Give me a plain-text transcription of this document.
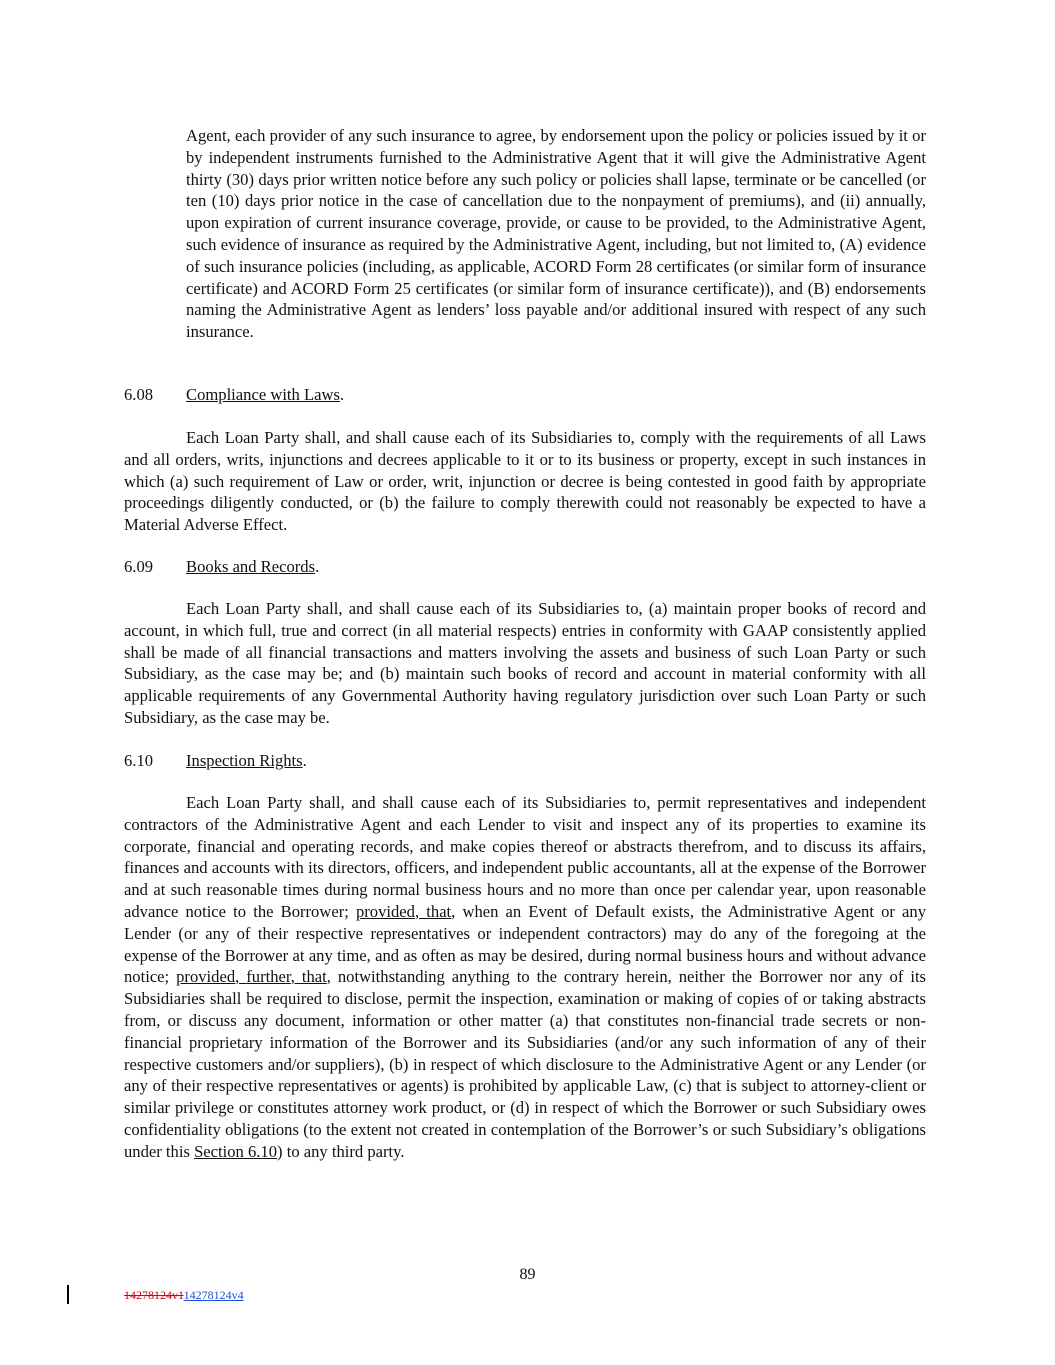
Agent, each provider of any such insurance to agree, by endorsement upon the policy or policies issued by it or by independent instruments furnished to the Administrative Agent that it will give the Administrative Agent thirty (30) days prior written notice before any such policy or policies shall lapse, terminate or be cancelled (or ten (10) days prior notice in the case of cancellation due to the nonpayment of premiums), and (ii) annually, upon expiration of current insurance coverage, provide, or cause to be provided, to the Administrative Agent, such evidence of insurance as required by the Administrative Agent, including, but not limited to, (A) evidence of such insurance policies (including, as applicable, ACORD Form 28 certificates (or similar form of insurance certificate) and ACORD Form 25 certificates (or similar form of insurance certificate)), and (B) endorsements naming the Administrative Agent as lenders’ loss payable and/or additional insured with respect of any such insurance.

6.08 Compliance with Laws.

Each Loan Party shall, and shall cause each of its Subsidiaries to, comply with the requirements of all Laws and all orders, writs, injunctions and decrees applicable to it or to its business or property, except in such instances in which (a) such requirement of Law or order, writ, injunction or decree is being contested in good faith by appropriate proceedings diligently conducted, or (b) the failure to comply therewith could not reasonably be expected to have a Material Adverse Effect.

6.09 Books and Records.

Each Loan Party shall, and shall cause each of its Subsidiaries to, (a) maintain proper books of record and account, in which full, true and correct (in all material respects) entries in conformity with GAAP consistently applied shall be made of all financial transactions and matters involving the assets and business of such Loan Party or such Subsidiary, as the case may be; and (b) maintain such books of record and account in material conformity with all applicable requirements of any Governmental Authority having regulatory jurisdiction over such Loan Party or such Subsidiary, as the case may be.

6.10 Inspection Rights.

Each Loan Party shall, and shall cause each of its Subsidiaries to, permit representatives and independent contractors of the Administrative Agent and each Lender to visit and inspect any of its properties to examine its corporate, financial and operating records, and make copies thereof or abstracts therefrom, and to discuss its affairs, finances and accounts with its directors, officers, and independent public accountants, all at the expense of the Borrower and at such reasonable times during normal business hours and no more than once per calendar year, upon reasonable advance notice to the Borrower; provided, that, when an Event of Default exists, the Administrative Agent or any Lender (or any of their respective representatives or independent contractors) may do any of the foregoing at the expense of the Borrower at any time, and as often as may be desired, during normal business hours and without advance notice; provided, further, that, notwithstanding anything to the contrary herein, neither the Borrower nor any of its Subsidiaries shall be required to disclose, permit the inspection, examination or making of copies of or taking abstracts from, or discuss any document, information or other matter (a) that constitutes non-financial trade secrets or non-financial proprietary information of the Borrower and its Subsidiaries (and/or any such information of any of their respective customers and/or suppliers), (b) in respect of which disclosure to the Administrative Agent or any Lender (or any of their respective representatives or agents) is prohibited by applicable Law, (c) that is subject to attorney-client or similar privilege or constitutes attorney work product, or (d) in respect of which the Borrower or such Subsidiary owes confidentiality obligations (to the extent not created in contemplation of the Borrower’s or such Subsidiary’s obligations under this Section 6.10) to any third party.

89
14278124v114278124v4
